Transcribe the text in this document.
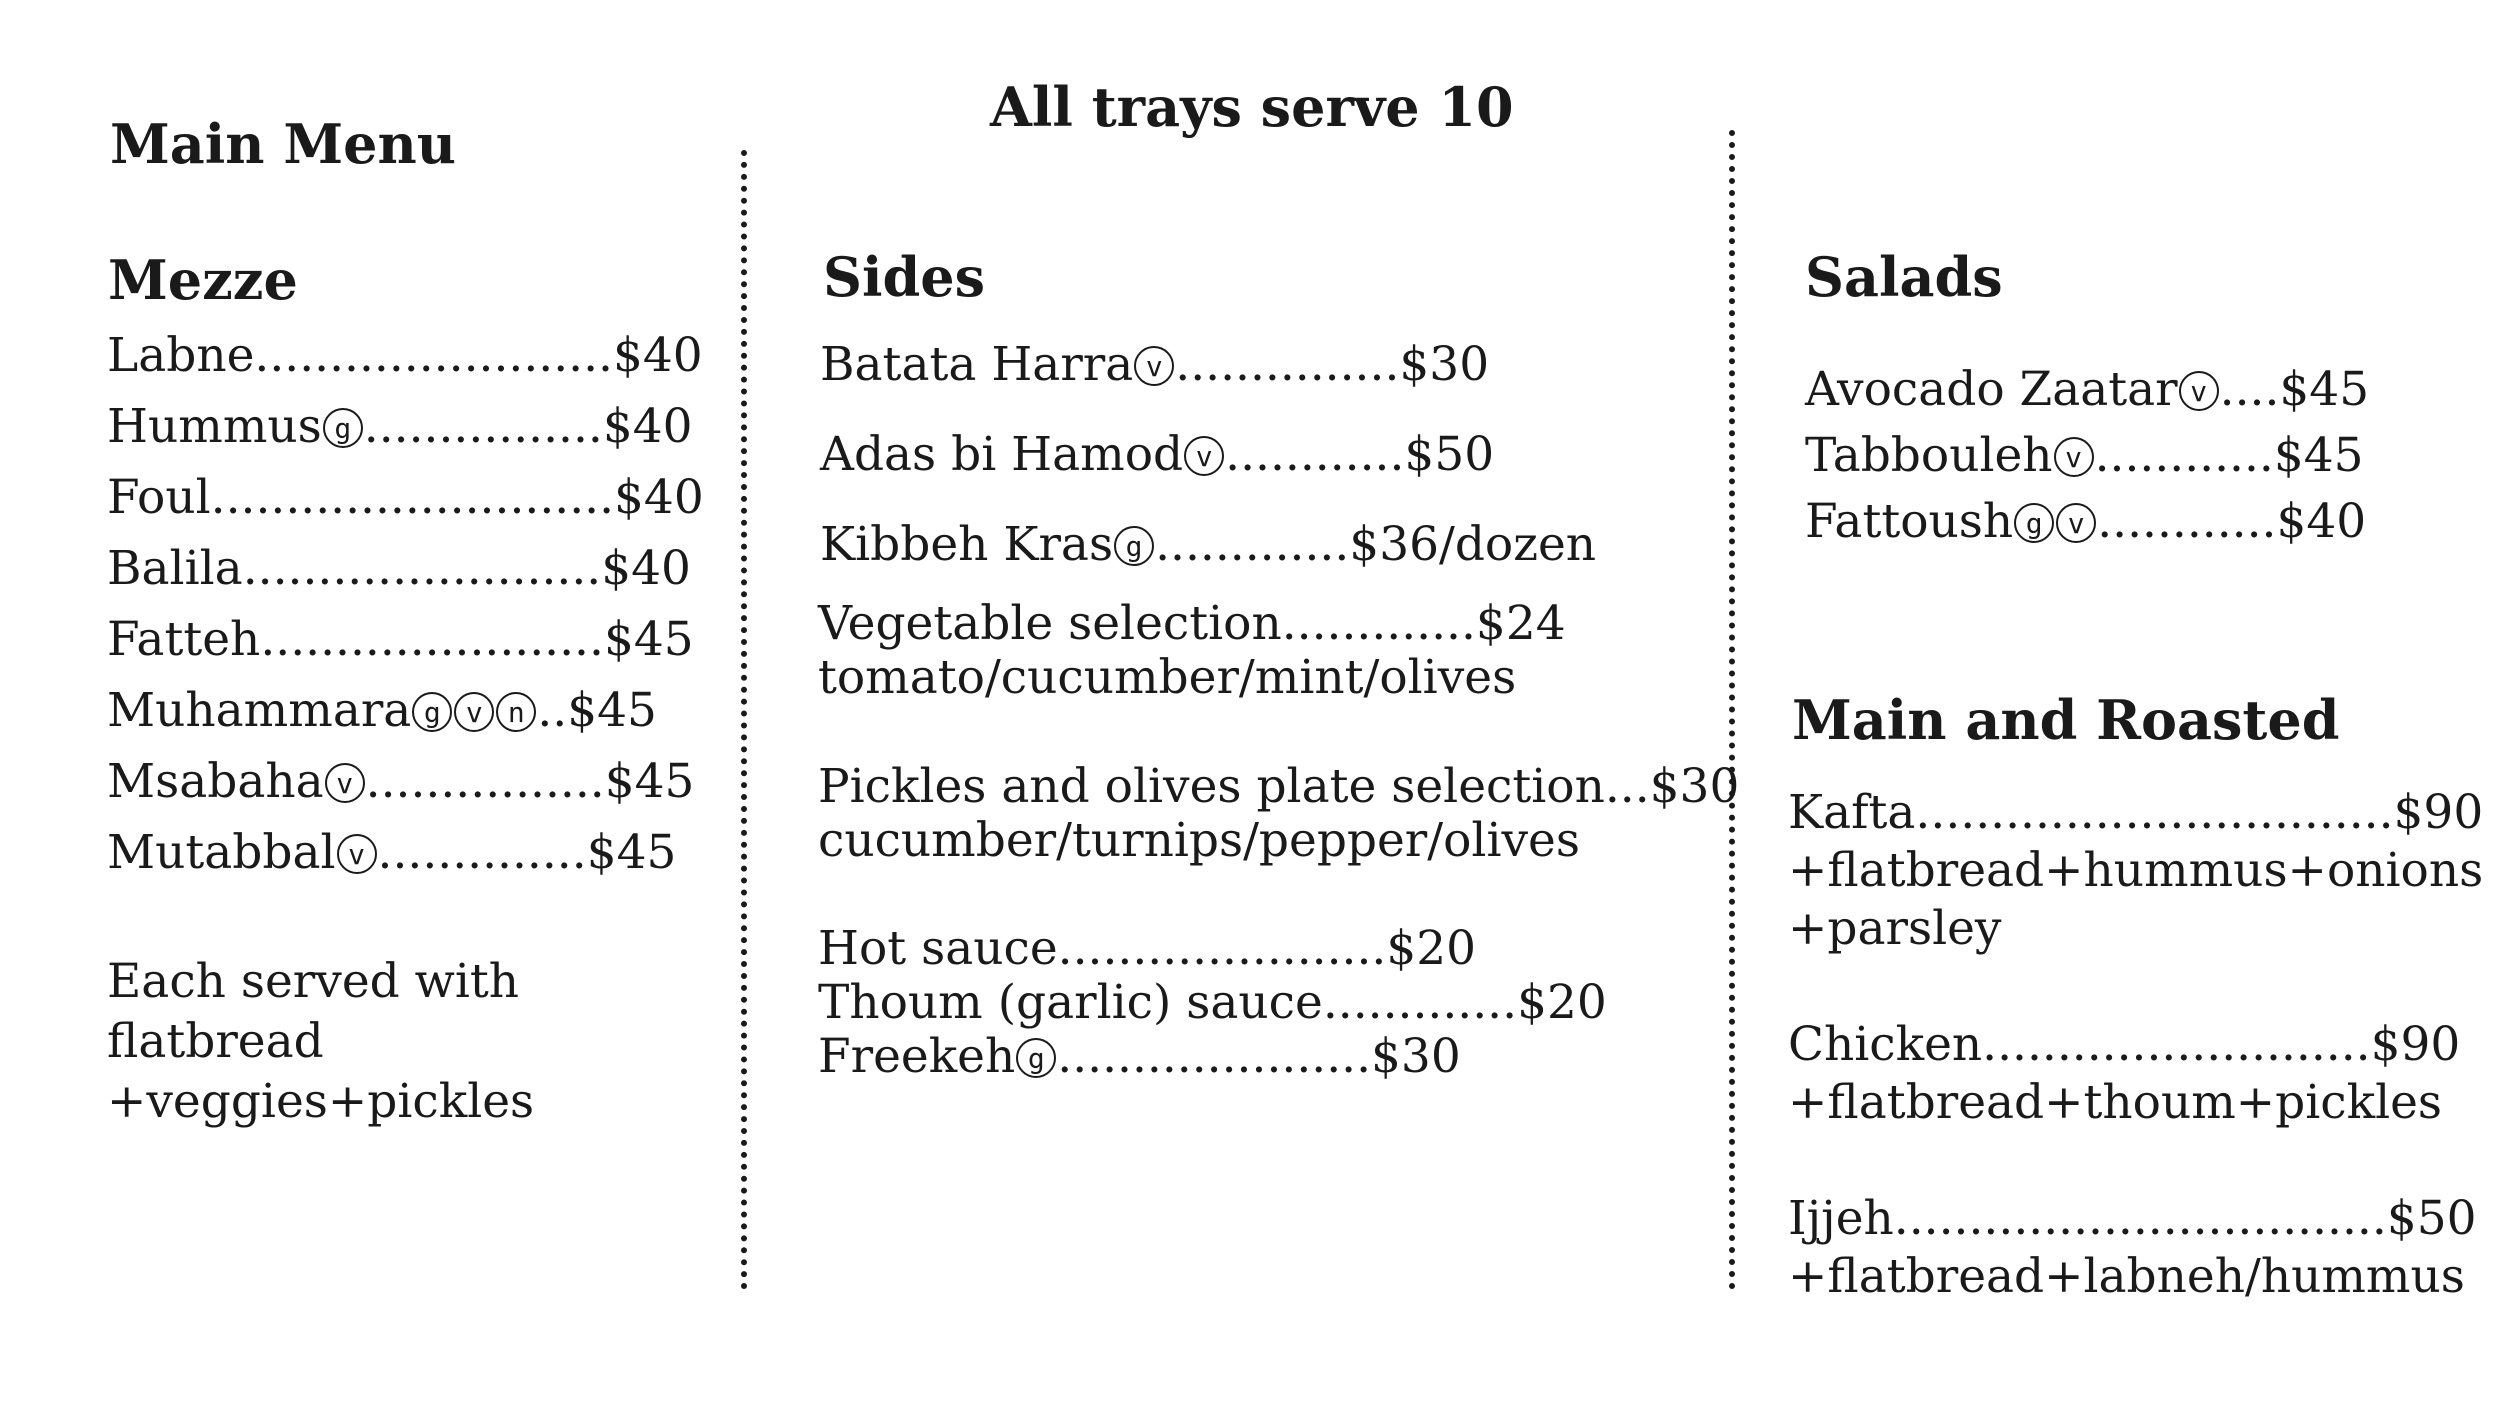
All trays serve 10
Main Menu
Mezze
Labne........................$40
Hummus g ................$40
Foul...........................$40
Balila........................$40
Fatteh.......................$45
Muhammara g v n ..$45
Msabaha v ................$45
Mutabbal v ..............$45
Each served with
flatbread
+veggies+pickles
Sides
Batata Harra v ...............$30
Adas bi Hamod v ............$50
Kibbeh Kras g .............$36/dozen
Vegetable selection.............$24
tomato/cucumber/mint/olives
Pickles and olives plate selection...$30
cucumber/turnips/pepper/olives
Hot sauce......................$20
Thoum (garlic) sauce.............$20
Freekeh g .....................$30
Salads
Avocado Zaatar v ....$45
Tabbouleh v ............$45
Fattoush g v ............$40
Main and Roasted
Kafta................................$90
+flatbread+hummus+onions
+parsley
Chicken..........................$90
+flatbread+thoum+pickles
Ijjeh.................................$50
+flatbread+labneh/hummus
